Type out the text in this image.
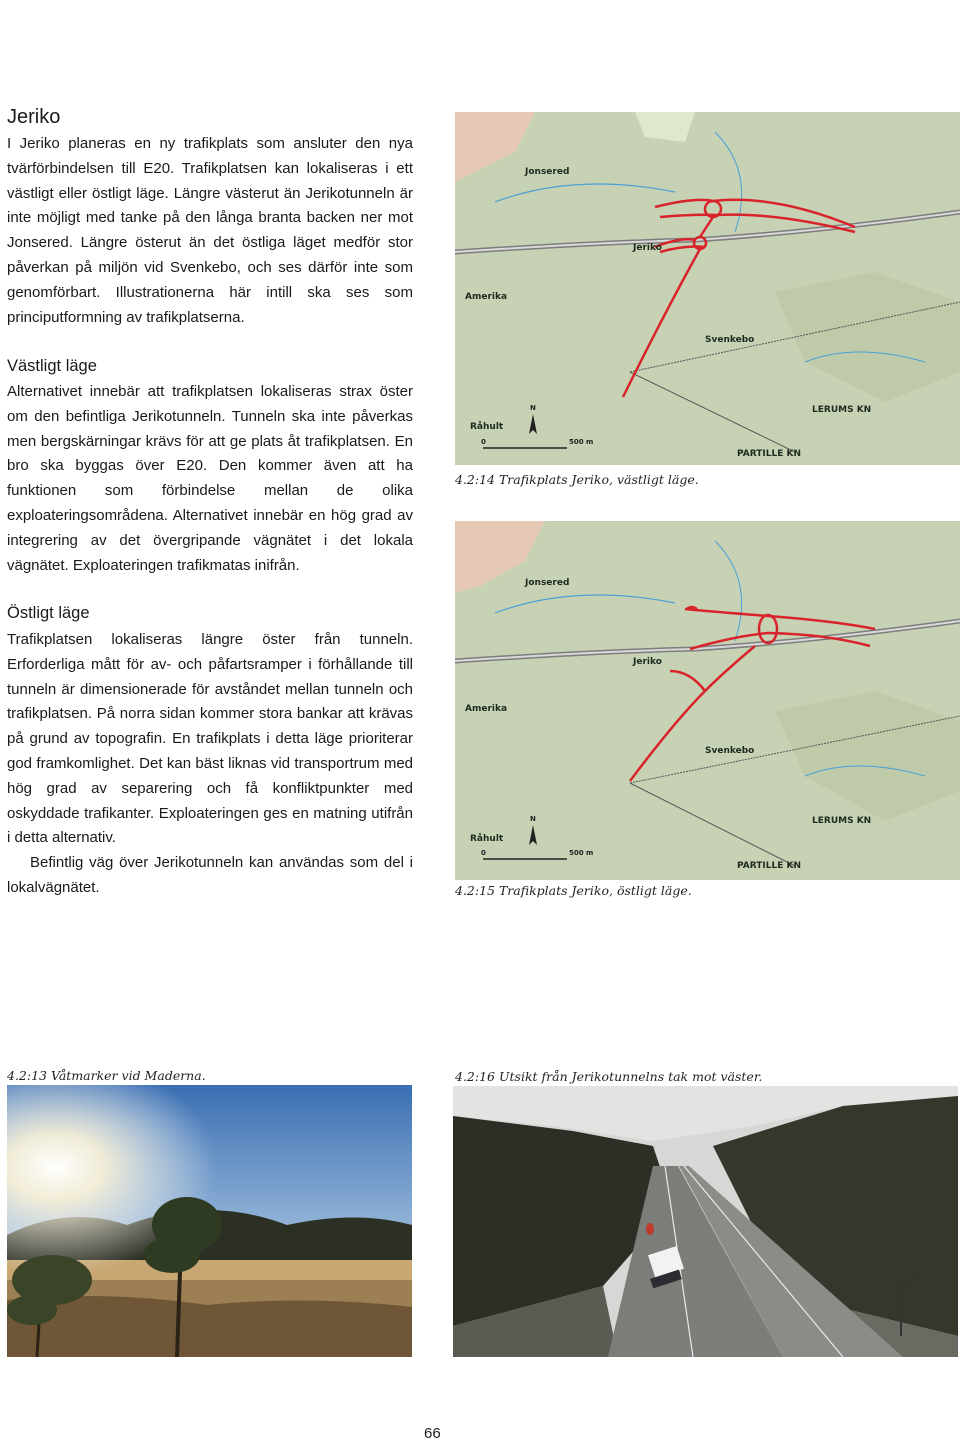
Jeriko

I Jeriko planeras en ny trafikplats som ansluter den nya tvärförbindelsen till E20. Trafikplatsen kan lokaliseras i ett västligt eller östligt läge. Längre västerut än Jerikotunneln är inte möjligt med tanke på den långa branta backen ner mot Jonsered. Längre österut än det östliga läget medför stor påverkan på miljön vid Svenkebo, och ses därför inte som genomförbart. Illustrationerna här intill ska ses som principutformning av trafikplatserna.

Västligt läge

Alternativet innebär att trafikplatsen lokaliseras strax öster om den befintliga Jerikotunneln. Tunneln ska inte påverkas men bergskärningar krävs för att ge plats åt trafikplatsen. En bro ska byggas över E20. Den kommer även att ha funktionen som förbindelse mellan de olika exploateringsområdena. Alternativet innebär en hög grad av integrering av det övergripande vägnätet i det lokala vägnätet. Exploateringen trafikmatas inifrån.

Östligt läge

Trafikplatsen lokaliseras längre öster från tunneln. Erforderliga mått för av- och påfartsramper i förhållande till tunneln är dimensionerade för avståndet mellan tunneln och trafikplatsen. På norra sidan kommer stora bankar att krävas på grund av topografin. En trafikplats i detta läge prioriterar god framkomlighet. Det kan bäst liknas vid transportrum med hög grad av separering och få konfliktpunkter med oskyddade trafikanter. Exploateringen ges en matning utifrån i detta alternativ.

Befintlig väg över Jerikotunneln kan användas som del i lokalvägnätet.

Jonsered
Jeriko
Amerika
Svenkebo
Råhult
LERUMS KN
PARTILLE KN
N
0	500 m
4.2:14 Trafikplats Jeriko, västligt läge.
Jonsered
Jeriko
Amerika
Svenkebo
Råhult
LERUMS KN
PARTILLE KN
N
0	500 m
4.2:15 Trafikplats Jeriko, östligt läge.
4.2:13 Våtmarker vid Maderna.	4.2:16 Utsikt från Jerikotunnelns tak mot väster.
66
